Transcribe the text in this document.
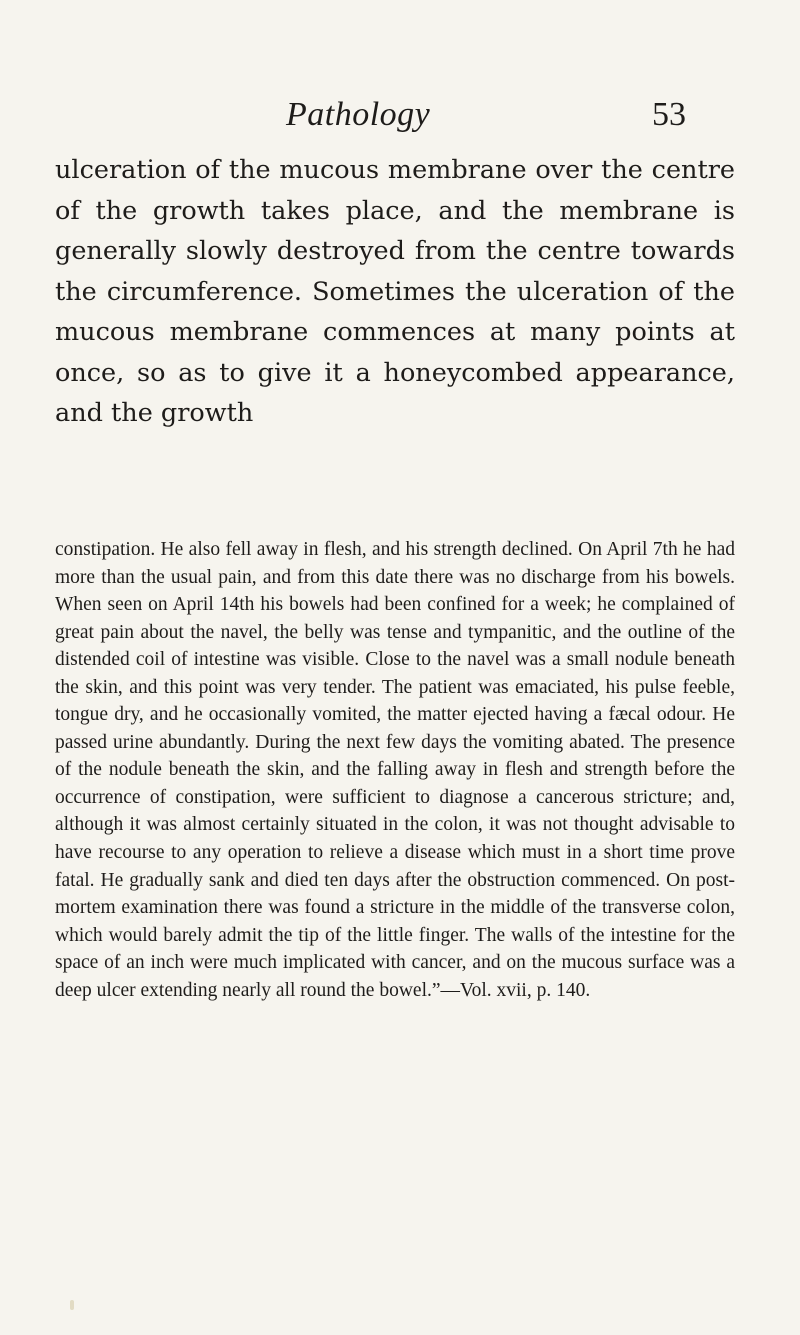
Pathology	53

ulceration of the mucous membrane over the centre of the growth takes place, and the membrane is generally slowly destroyed from the centre towards the circumference. Sometimes the ulceration of the mucous membrane commences at many points at once, so as to give it a honeycombed appearance, and the growth

constipation. He also fell away in flesh, and his strength declined. On April 7th he had more than the usual pain, and from this date there was no discharge from his bowels. When seen on April 14th his bowels had been confined for a week; he complained of great pain about the navel, the belly was tense and tympanitic, and the outline of the distended coil of intestine was visible. Close to the navel was a small nodule beneath the skin, and this point was very tender. The patient was emaciated, his pulse feeble, tongue dry, and he occasionally vomited, the matter ejected having a fæcal odour. He passed urine abundantly. During the next few days the vomiting abated. The presence of the nodule beneath the skin, and the falling away in flesh and strength before the occurrence of constipation, were sufficient to diagnose a cancerous stricture; and, although it was almost certainly situated in the colon, it was not thought advisable to have recourse to any operation to relieve a disease which must in a short time prove fatal. He gradually sank and died ten days after the obstruction commenced. On post-mortem examination there was found a stricture in the middle of the transverse colon, which would barely admit the tip of the little finger. The walls of the intestine for the space of an inch were much implicated with cancer, and on the mucous surface was a deep ulcer extending nearly all round the bowel.”—Vol. xvii, p. 140.
